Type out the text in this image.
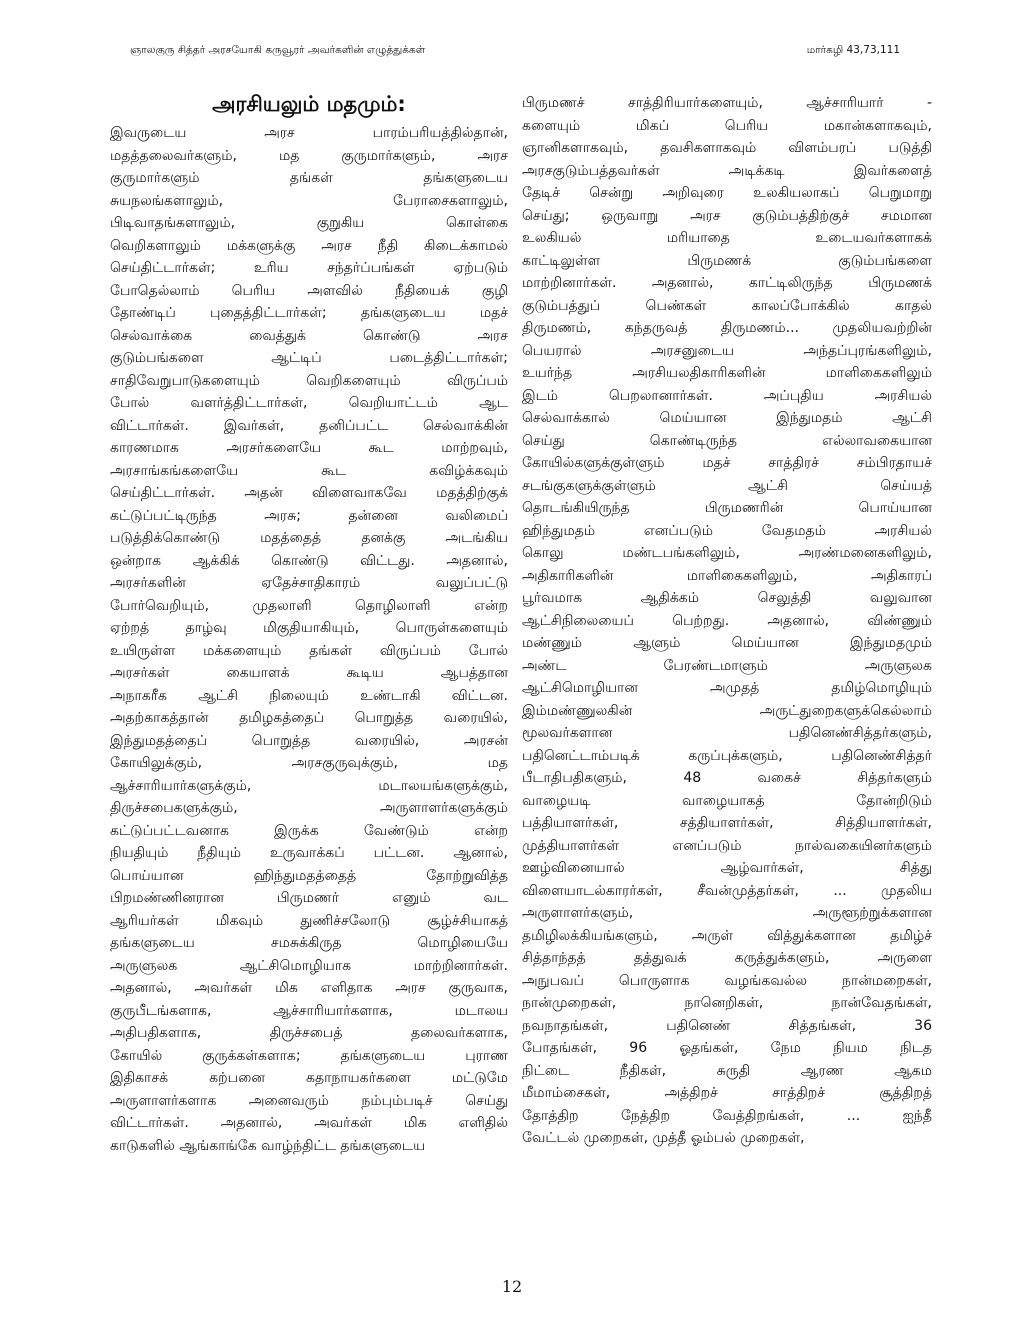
ஞாலகுரு சித்தர் அரசயோகி கருவூரர் அவர்களின் எழுத்துக்கள்	மார்கழி 43,73,111
அரசியலும் மதமும்:
இவருடைய அரச பாரம்பரியத்தில்தான்,
மதத்தலைவர்களும், மத குருமார்களும், அரச
குருமார்களும் தங்கள் தங்களுடைய
சுயநலங்களாலும், பேராசைகளாலும்,
பிடிவாதங்களாலும், குறுகிய கொள்கை
வெறிகளாலும் மக்களுக்கு அரச நீதி கிடைக்காமல்
செய்திட்டார்கள்; உரிய சந்தர்ப்பங்கள் ஏற்படும்
போதெல்லாம் பெரிய அளவில் நீதியைக் குழி
தோண்டிப் புதைத்திட்டார்கள்; தங்களுடைய மதச்
செல்வாக்கை வைத்துக் கொண்டு அரச
குடும்பங்களை ஆட்டிப் படைத்திட்டார்கள்;
சாதிவேறுபாடுகளையும் வெறிகளையும் விருப்பம்
போல் வளர்த்திட்டார்கள், வெறியாட்டம் ஆட
விட்டார்கள். இவர்கள், தனிப்பட்ட செல்வாக்கின்
காரணமாக அரசர்களையே கூட மாற்றவும்,
அரசாங்கங்களையே கூட கவிழ்க்கவும்
செய்திட்டார்கள். அதன் விளைவாகவே மதத்திற்குக்
கட்டுப்பட்டிருந்த அரசு; தன்னை வலிமைப்
படுத்திக்கொண்டு மதத்தைத் தனக்கு அடங்கிய
ஒன்றாக ஆக்கிக் கொண்டு விட்டது. அதனால்,
அரசர்களின் ஏதேச்சாதிகாரம் வலுப்பட்டு
போர்வெறியும், முதலாளி தொழிலாளி என்ற
ஏற்றத் தாழ்வு மிகுதியாகியும், பொருள்களையும்
உயிருள்ள மக்களையும் தங்கள் விருப்பம் போல்
அரசர்கள் கையாளக் கூடிய ஆபத்தான
அநாகரீக ஆட்சி நிலையும் உண்டாகி விட்டன.
அதற்காகத்தான் தமிழகத்தைப் பொறுத்த வரையில்,
இந்துமதத்தைப் பொறுத்த வரையில், அரசன்
கோயிலுக்கும், அரசகுருவுக்கும், மத
ஆச்சாரியார்களுக்கும், மடாலயங்களுக்கும்,
திருச்சபைகளுக்கும், அருளாளர்களுக்கும்
கட்டுப்பட்டவனாக இருக்க வேண்டும் என்ற
நியதியும் நீதியும் உருவாக்கப் பட்டன. ஆனால்,
பொய்யான ஹிந்துமதத்தைத் தோற்றுவித்த
பிறமண்ணினரான பிருமணர் எனும் வட
ஆரியர்கள் மிகவும் துணிச்சலோடு சூழ்ச்சியாகத்
தங்களுடைய சமசுக்கிருத மொழியையே
அருளுலக ஆட்சிமொழியாக மாற்றினார்கள்.
அதனால், அவர்கள் மிக எளிதாக அரச குருவாக,
குருபீடங்களாக, ஆச்சாரியார்களாக, மடாலய
அதிபதிகளாக, திருச்சபைத் தலைவர்களாக,
கோயில் குருக்கள்களாக; தங்களுடைய புராண
இதிகாசக் கற்பனை கதாநாயகர்களை மட்டுமே
அருளாளர்களாக அனைவரும் நம்பும்படிச் செய்து
விட்டார்கள். அதனால், அவர்கள் மிக எளிதில்
காடுகளில் ஆங்காங்கே வாழ்ந்திட்ட தங்களுடைய
பிருமணச் சாத்திரியார்களையும், ஆச்சாரியார் -
களையும் மிகப் பெரிய மகான்களாகவும்,
ஞானிகளாகவும், தவசிகளாகவும் விளம்பரப் படுத்தி
அரசகுடும்பத்தவர்கள் அடிக்கடி இவர்களைத்
தேடிச் சென்று அறிவுரை உலகியலாகப் பெறுமாறு
செய்து; ஒருவாறு அரச குடும்பத்திற்குச் சமமான
உலகியல் மரியாதை உடையவர்களாகக்
காட்டிலுள்ள பிருமணக் குடும்பங்களை
மாற்றினார்கள். அதனால், காட்டிலிருந்த பிருமணக்
குடும்பத்துப் பெண்கள் காலப்போக்கில் காதல்
திருமணம், கந்தருவத் திருமணம்... முதலியவற்றின்
பெயரால் அரசனுடைய அந்தப்புரங்களிலும்,
உயர்ந்த அரசியலதிகாரிகளின் மாளிகைகளிலும்
இடம் பெறலானார்கள். அப்புதிய அரசியல்
செல்வாக்கால் மெய்யான இந்துமதம் ஆட்சி
செய்து கொண்டிருந்த எல்லாவகையான
கோயில்களுக்குள்ளும் மதச் சாத்திரச் சம்பிரதாயச்
சடங்குகளுக்குள்ளும் ஆட்சி செய்யத்
தொடங்கியிருந்த பிருமணரின் பொய்யான
ஹிந்துமதம் எனப்படும் வேதமதம் அரசியல்
கொலு மண்டபங்களிலும், அரண்மனைகளிலும்,
அதிகாரிகளின் மாளிகைகளிலும், அதிகாரப்
பூர்வமாக ஆதிக்கம் செலுத்தி வலுவான
ஆட்சிநிலையைப் பெற்றது. அதனால், விண்ணும்
மண்ணும் ஆளும் மெய்யான இந்துமதமும்
அண்ட பேரண்டமாளும் அருளுலக
ஆட்சிமொழியான அமுதத் தமிழ்மொழியும்
இம்மண்ணுலகின் அருட்துறைகளுக்கெல்லாம்
மூலவர்களான பதினெண்சித்தர்களும்,
பதினெட்டாம்படிக் கருப்புக்களும், பதினெண்சித்தர்
பீடாதிபதிகளும், 48 வகைச் சித்தர்களும்
வாழையடி வாழையாகத் தோன்றிடும்
பத்தியாளர்கள், சத்தியாளர்கள், சித்தியாளர்கள்,
முத்தியாளர்கள் எனப்படும் நால்வகையினர்களும்
ஊழ்வினையால் ஆழ்வார்கள், சித்து
விளையாடல்காரர்கள், சீவன்முத்தர்கள், ... முதலிய
அருளாளர்களும், அருளூற்றுக்களான
தமிழிலக்கியங்களும், அருள் வித்துக்களான தமிழ்ச்
சித்தாந்தத் தத்துவக் கருத்துக்களும், அருளை
அநுபவப் பொருளாக வழங்கவல்ல நான்மறைகள்,
நான்முறைகள், நானெறிகள், நான்வேதங்கள்,
நவநாதங்கள், பதினெண் சித்தங்கள், 36
போதங்கள், 96 ஓதங்கள், நேம நியம நிடத
நிட்டை நீதிகள், சுருதி ஆரண ஆகம
மீமாம்சைகள், அத்திறச் சாத்திறச் சூத்திறத்
தோத்திற நேத்திற வேத்திறங்கள், ... ஐந்தீ
வேட்டல் முறைகள், முத்தீ ஓம்பல் முறைகள்,
12
